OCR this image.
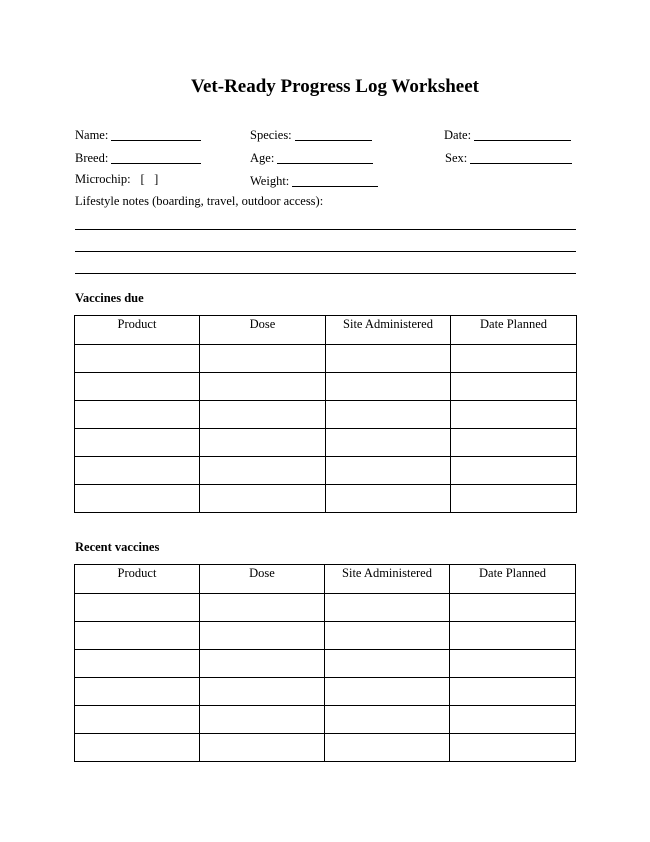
Vet-Ready Progress Log Worksheet
Name:	Species:	Date:
Breed:	Age:	Sex:
Microchip: [   ]	Weight:
Lifestyle notes (boarding, travel, outdoor access):
Vaccines due
Product	Dose	Site Administered	Date Planned

Recent vaccines
Product	Dose	Site Administered	Date Planned
